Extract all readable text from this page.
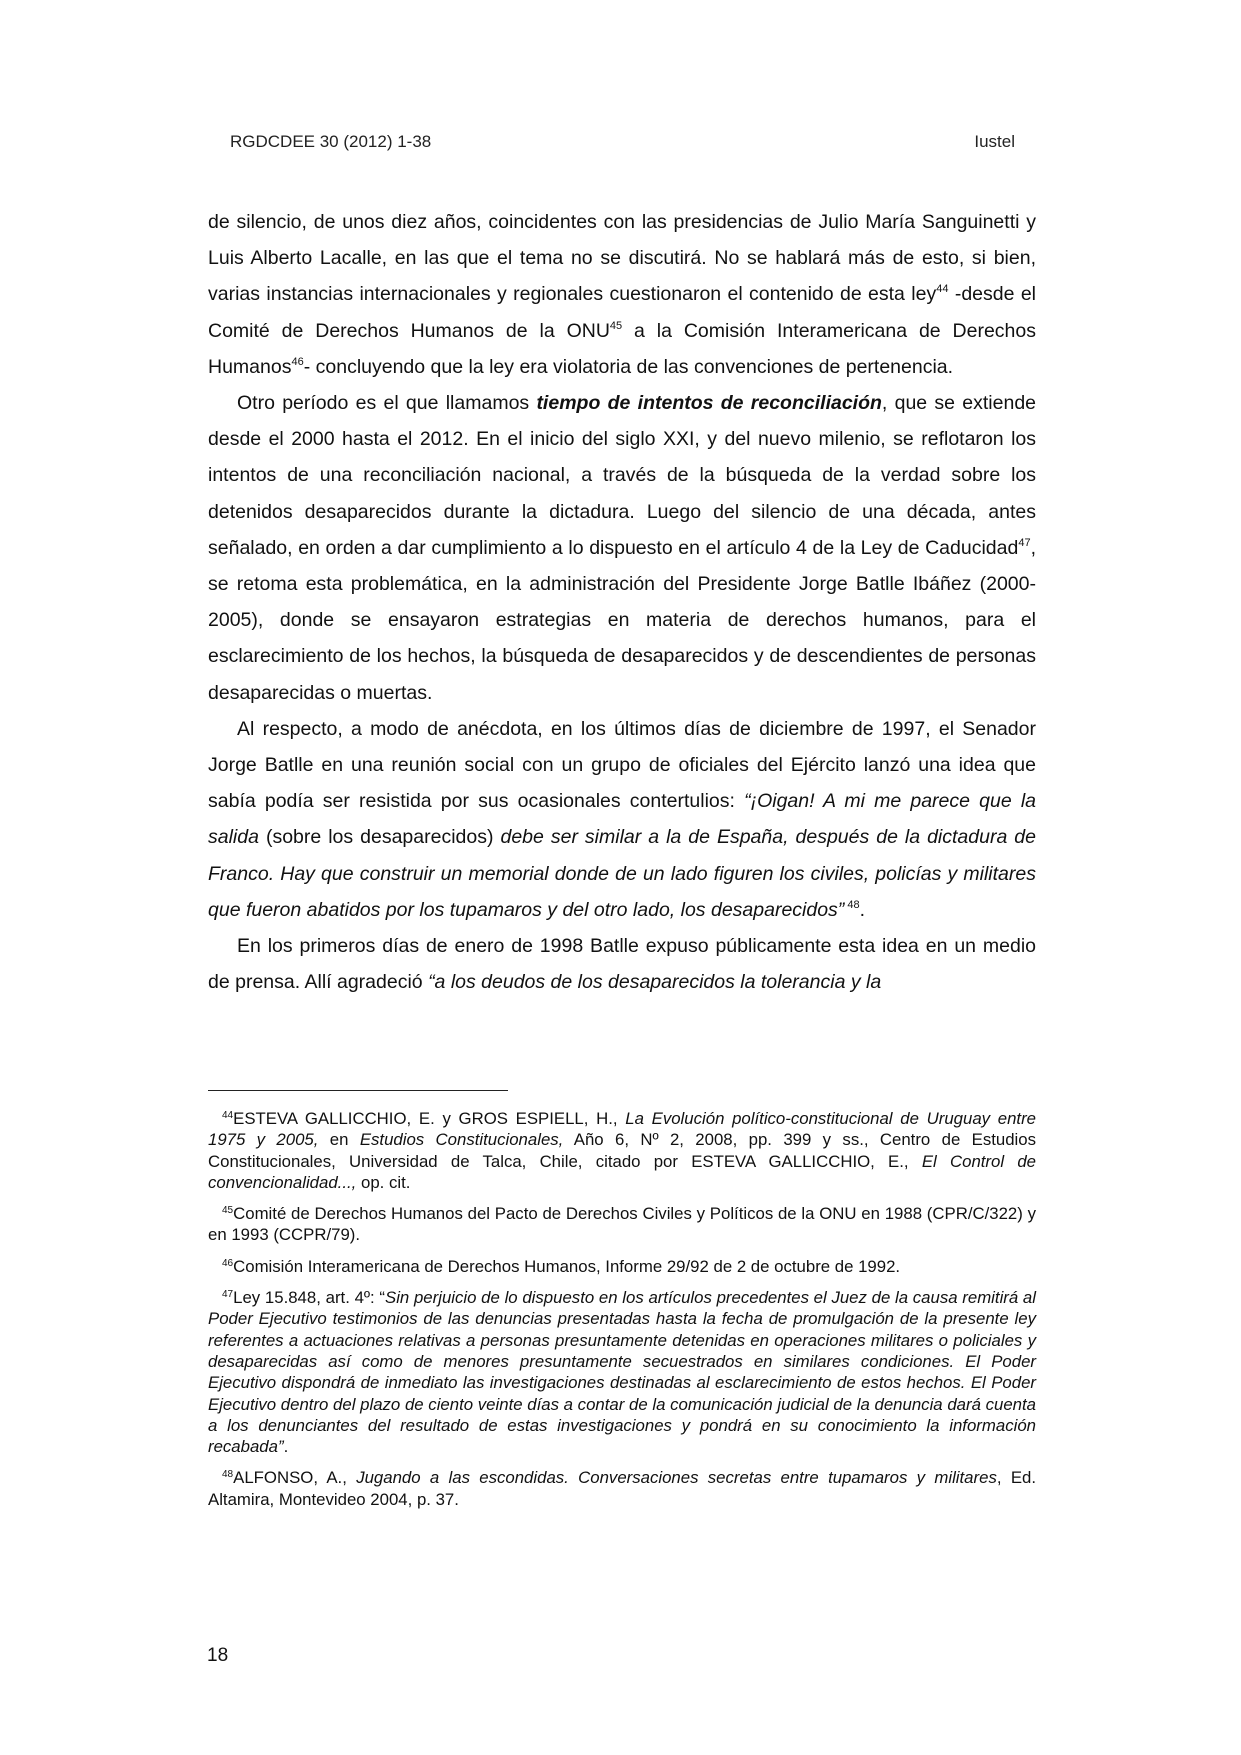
RGDCDEE 30 (2012) 1-38	Iustel

de silencio, de unos diez años, coincidentes con las presidencias de Julio María Sanguinetti y Luis Alberto Lacalle, en las que el tema no se discutirá. No se hablará más de esto, si bien, varias instancias internacionales y regionales cuestionaron el contenido de esta ley$^{44}$ -desde el Comité de Derechos Humanos de la ONU$^{45}$ a la Comisión Interamericana de Derechos Humanos$^{46}$- concluyendo que la ley era violatoria de las convenciones de pertenencia.

Otro período es el que llamamos tiempo de intentos de reconciliación, que se extiende desde el 2000 hasta el 2012. En el inicio del siglo XXI, y del nuevo milenio, se reflotaron los intentos de una reconciliación nacional, a través de la búsqueda de la verdad sobre los detenidos desaparecidos durante la dictadura. Luego del silencio de una década, antes señalado, en orden a dar cumplimiento a lo dispuesto en el artículo 4 de la Ley de Caducidad$^{47}$, se retoma esta problemática, en la administración del Presidente Jorge Batlle Ibáñez (2000-2005), donde se ensayaron estrategias en materia de derechos humanos, para el esclarecimiento de los hechos, la búsqueda de desaparecidos y de descendientes de personas desaparecidas o muertas.

Al respecto, a modo de anécdota, en los últimos días de diciembre de 1997, el Senador Jorge Batlle en una reunión social con un grupo de oficiales del Ejército lanzó una idea que sabía podía ser resistida por sus ocasionales contertulios: “¡Oigan! A mi me parece que la salida (sobre los desaparecidos) debe ser similar a la de España, después de la dictadura de Franco. Hay que construir un memorial donde de un lado figuren los civiles, policías y militares que fueron abatidos por los tupamaros y del otro lado, los desaparecidos” $^{48}$.

En los primeros días de enero de 1998 Batlle expuso públicamente esta idea en un medio de prensa. Allí agradeció “a los deudos de los desaparecidos la tolerancia y la

$^{44}$ESTEVA GALLICCHIO, E. y GROS ESPIELL, H., La Evolución político-constitucional de Uruguay entre 1975 y 2005, en Estudios Constitucionales, Año 6, Nº 2, 2008, pp. 399 y ss., Centro de Estudios Constitucionales, Universidad de Talca, Chile, citado por ESTEVA GALLICCHIO, E., El Control de convencionalidad..., op. cit.

$^{45}$Comité de Derechos Humanos del Pacto de Derechos Civiles y Políticos de la ONU en 1988 (CPR/C/322) y en 1993 (CCPR/79).

$^{46}$Comisión Interamericana de Derechos Humanos, Informe 29/92 de 2 de octubre de 1992.

$^{47}$Ley 15.848, art. 4º: “Sin perjuicio de lo dispuesto en los artículos precedentes el Juez de la causa remitirá al Poder Ejecutivo testimonios de las denuncias presentadas hasta la fecha de promulgación de la presente ley referentes a actuaciones relativas a personas presuntamente detenidas en operaciones militares o policiales y desaparecidas así como de menores presuntamente secuestrados en similares condiciones. El Poder Ejecutivo dispondrá de inmediato las investigaciones destinadas al esclarecimiento de estos hechos. El Poder Ejecutivo dentro del plazo de ciento veinte días a contar de la comunicación judicial de la denuncia dará cuenta a los denunciantes del resultado de estas investigaciones y pondrá en su conocimiento la información recabada”.

$^{48}$ALFONSO, A., Jugando a las escondidas. Conversaciones secretas entre tupamaros y militares, Ed. Altamira, Montevideo 2004, p. 37.

18
